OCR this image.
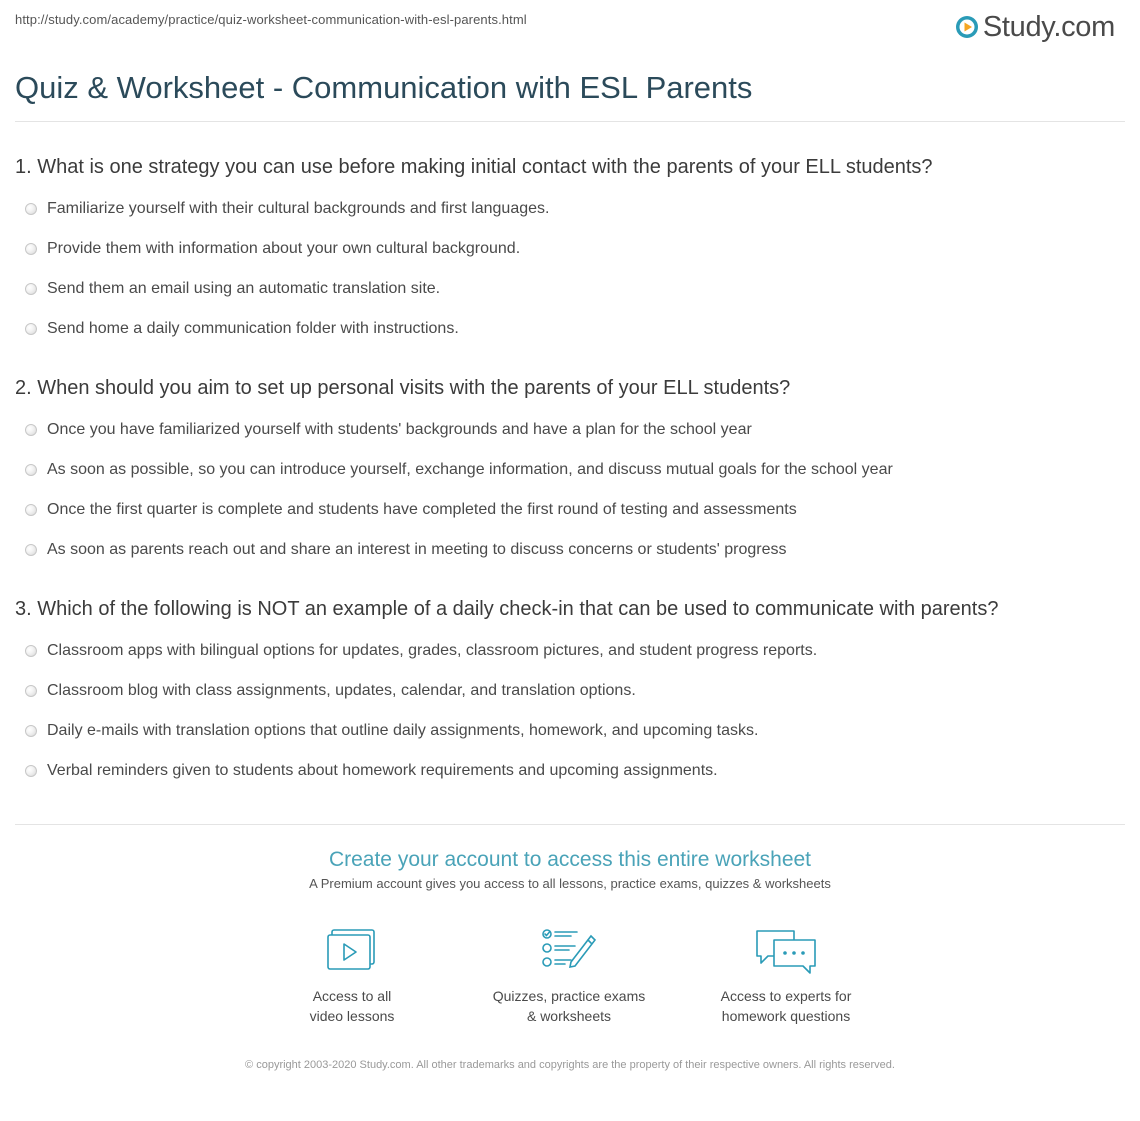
http://study.com/academy/practice/quiz-worksheet-communication-with-esl-parents.html	Study.com
Quiz & Worksheet - Communication with ESL Parents
1. What is one strategy you can use before making initial contact with the parents of your ELL students?
Familiarize yourself with their cultural backgrounds and first languages.
Provide them with information about your own cultural background.
Send them an email using an automatic translation site.
Send home a daily communication folder with instructions.
2. When should you aim to set up personal visits with the parents of your ELL students?
Once you have familiarized yourself with students' backgrounds and have a plan for the school year
As soon as possible, so you can introduce yourself, exchange information, and discuss mutual goals for the school year
Once the first quarter is complete and students have completed the first round of testing and assessments
As soon as parents reach out and share an interest in meeting to discuss concerns or students' progress
3. Which of the following is NOT an example of a daily check-in that can be used to communicate with parents?
Classroom apps with bilingual options for updates, grades, classroom pictures, and student progress reports.
Classroom blog with class assignments, updates, calendar, and translation options.
Daily e-mails with translation options that outline daily assignments, homework, and upcoming tasks.
Verbal reminders given to students about homework requirements and upcoming assignments.
Create your account to access this entire worksheet
A Premium account gives you access to all lessons, practice exams, quizzes & worksheets
Access to all
video lessons
Quizzes, practice exams
& worksheets
Access to experts for
homework questions
© copyright 2003-2020 Study.com. All other trademarks and copyrights are the property of their respective owners. All rights reserved.
